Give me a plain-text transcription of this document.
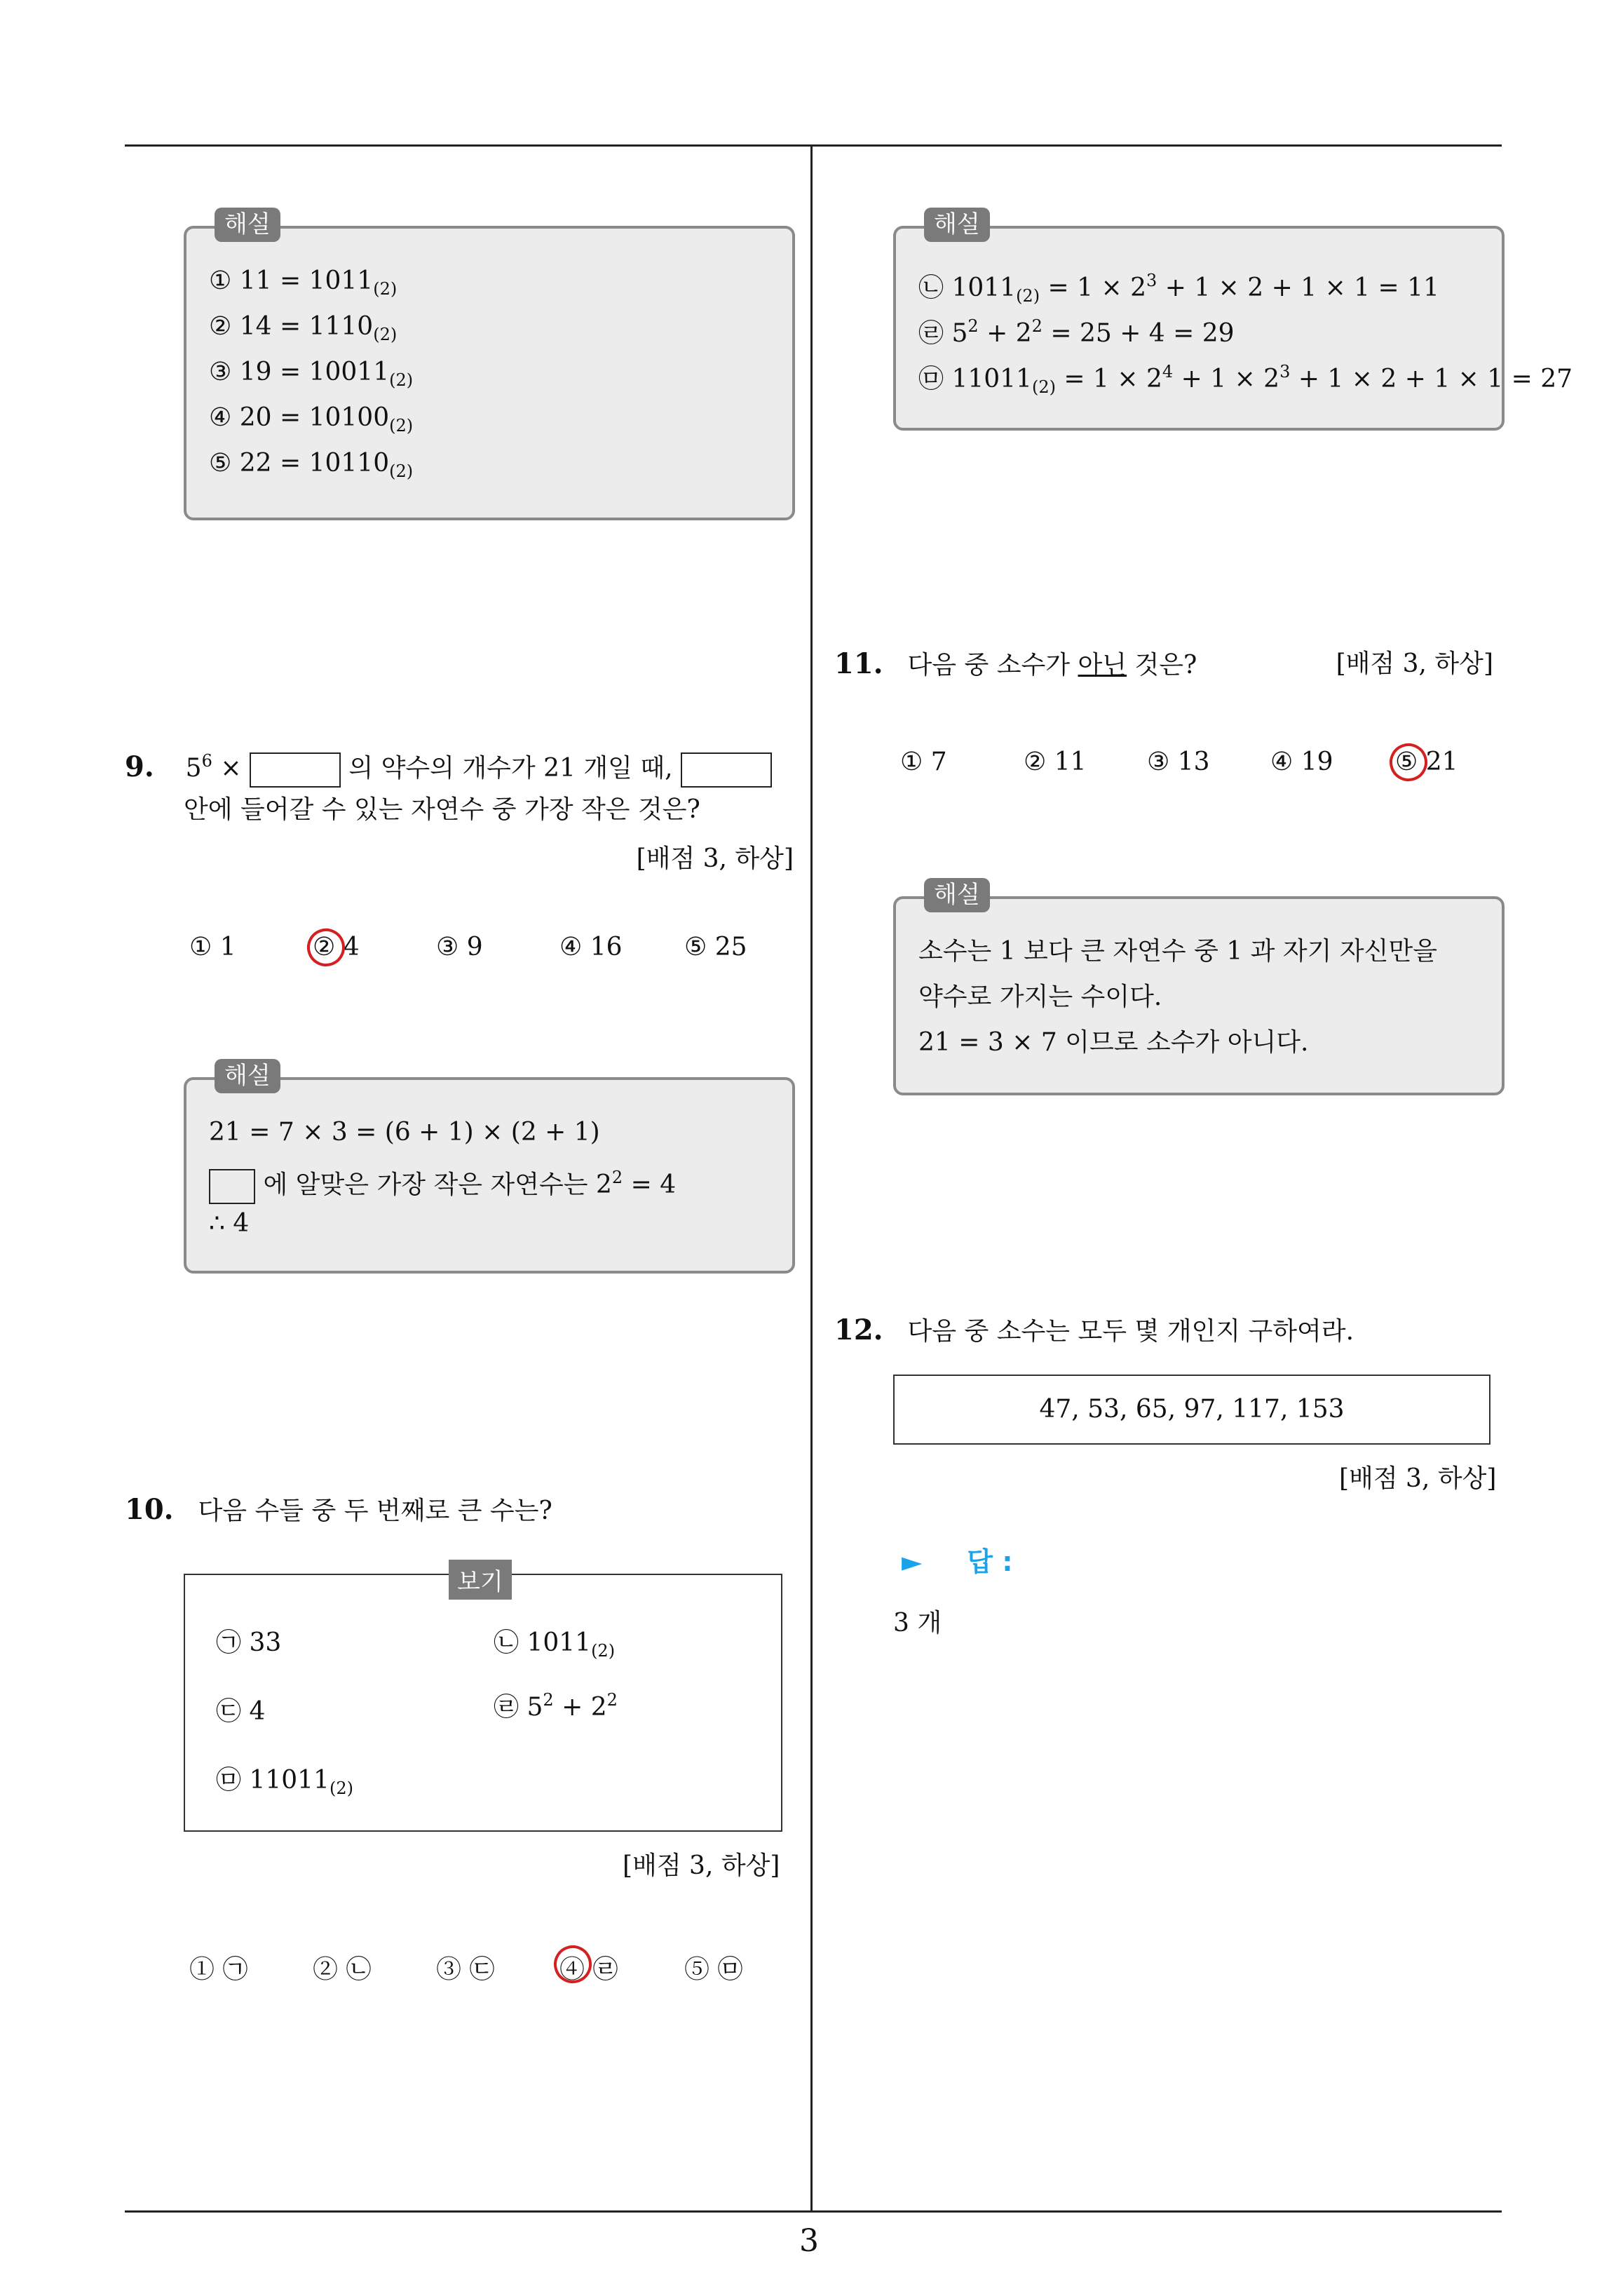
3
해설
① $11 = 1011_{(2)}$
② $14 = 1110_{(2)}$
③ $19 = 10011_{(2)}$
④ $20 = 10100_{(2)}$
⑤ $22 = 10110_{(2)}$
9. $5^6$ ×	의 약수의 개수가 21 개일 때,
안에 들어갈 수 있는 자연수 중 가장 작은 것은?
[배점 3, 하상]
① 1	② 4	③ 9	④ 16 ⑤ 25
해설
21 = 7 × 3 = (6 + 1) × (2 + 1)
에 알맞은 가장 작은 자연수는 $2^2 = 4$
∴ 4
10. 다음 수들 중 두 번째로 큰 수는?
보기
㉠ 33	㉡ $1011_{(2)}$
㉢ 4	㉣ $5^2 + 2^2$
㉤ $11011_{(2)}$
[배점 3, 하상]
① ㉠	② ㉡	③ ㉢	④ ㉣	⑤ ㉤
해설
㉡ $1011_{(2)} = 1 \times 2^3 + 1 \times 2 + 1 \times 1 = 11$
㉣ $5^2 + 2^2 = 25 + 4 = 29$
㉤ $11011_{(2)} = 1 \times 2^4 + 1 \times 2^3 + 1 \times 2 + 1 \times 1 = 27$
11. 다음 중 소수가 아닌 것은?	[배점 3, 하상]
① 7	② 11 ③ 13 ④ 19 ⑤ 21
해설
소수는 1 보다 큰 자연수 중 1 과 자기 자신만을
약수로 가지는 수이다.
21 = 3 × 7 이므로 소수가 아니다.
12. 다음 중 소수는 모두 몇 개인지 구하여라.
47, 53, 65, 97, 117, 153
[배점 3, 하상]
► 답 :
3 개
